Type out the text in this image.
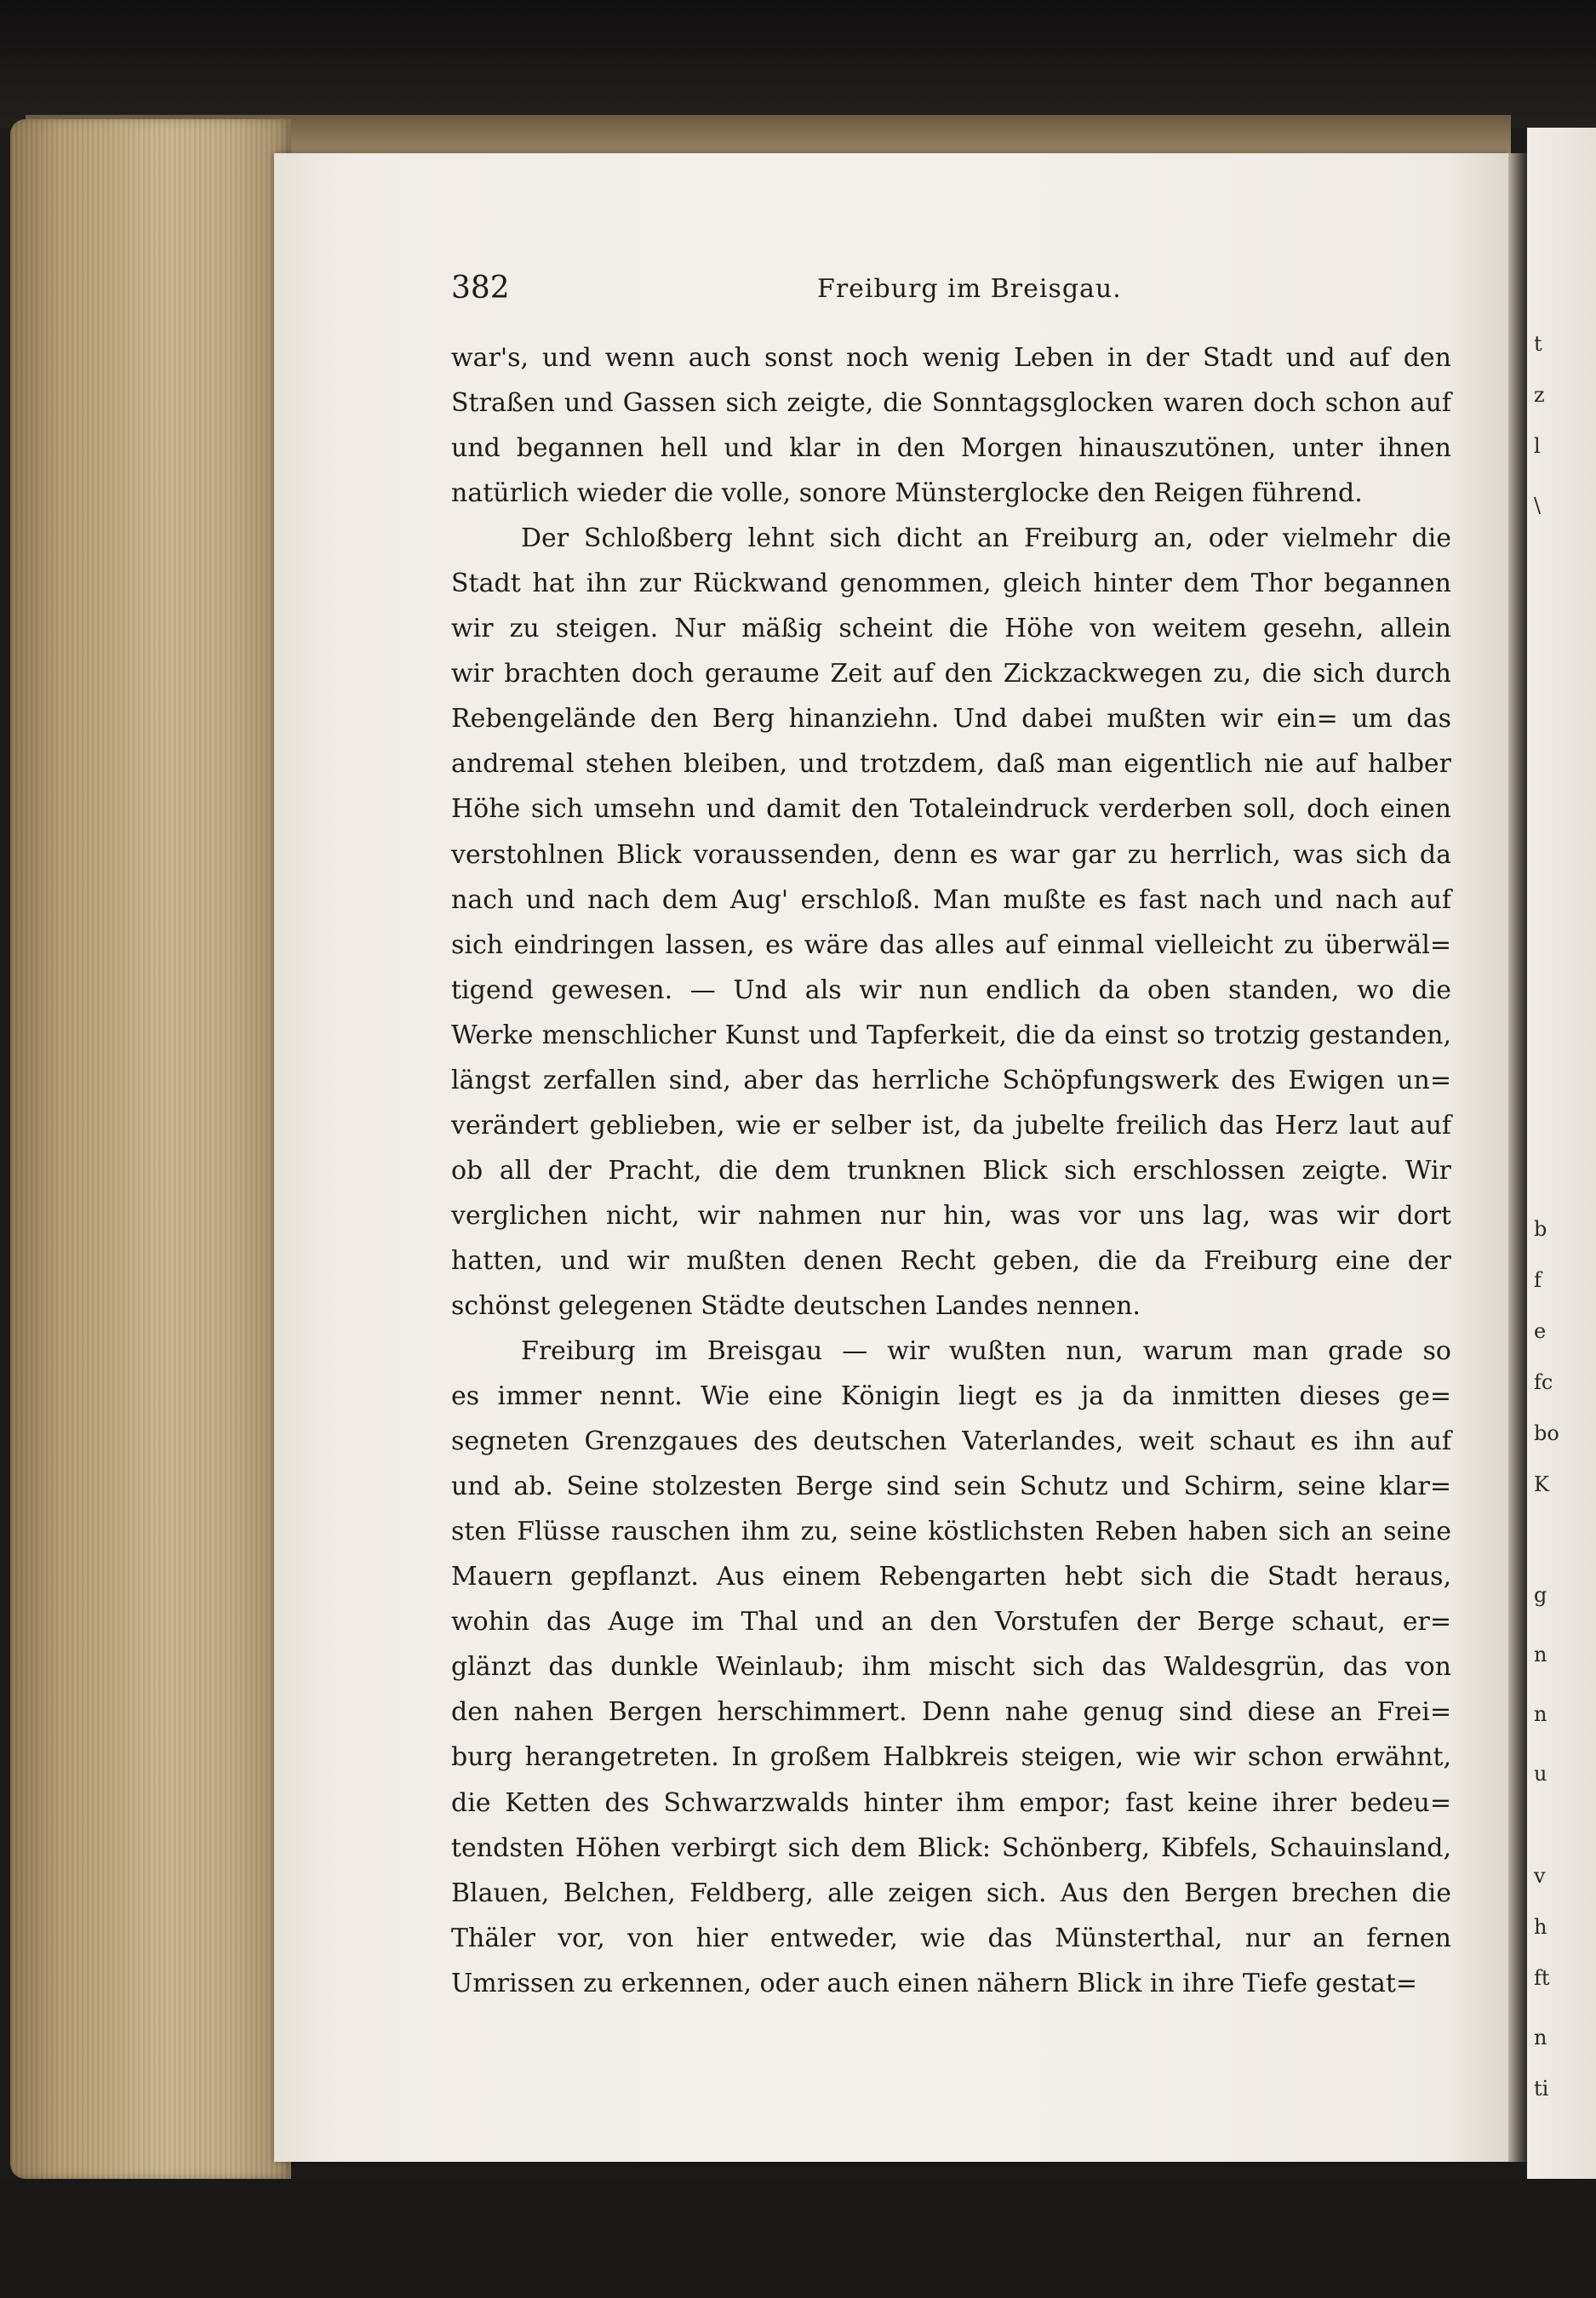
t
z
l
\
b
f
e
fc
bo
K
g
n
n
u
v
h
ft
n
ti
382	Freiburg im Breisgau.
war's, und wenn auch sonst noch wenig Leben in der Stadt und auf den
Straßen und Gassen sich zeigte, die Sonntagsglocken waren doch schon auf
und begannen hell und klar in den Morgen hinauszutönen, unter ihnen
natürlich wieder die volle, sonore Münsterglocke den Reigen führend.
Der Schloßberg lehnt sich dicht an Freiburg an, oder vielmehr die
Stadt hat ihn zur Rückwand genommen, gleich hinter dem Thor begannen
wir zu steigen. Nur mäßig scheint die Höhe von weitem gesehn, allein
wir brachten doch geraume Zeit auf den Zickzackwegen zu, die sich durch
Rebengelände den Berg hinanziehn. Und dabei mußten wir ein= um das
andremal stehen bleiben, und trotzdem, daß man eigentlich nie auf halber
Höhe sich umsehn und damit den Totaleindruck verderben soll, doch einen
verstohlnen Blick voraussenden, denn es war gar zu herrlich, was sich da
nach und nach dem Aug' erschloß. Man mußte es fast nach und nach auf
sich eindringen lassen, es wäre das alles auf einmal vielleicht zu überwäl=
tigend gewesen. — Und als wir nun endlich da oben standen, wo die
Werke menschlicher Kunst und Tapferkeit, die da einst so trotzig gestanden,
längst zerfallen sind, aber das herrliche Schöpfungswerk des Ewigen un=
verändert geblieben, wie er selber ist, da jubelte freilich das Herz laut auf
ob all der Pracht, die dem trunknen Blick sich erschlossen zeigte. Wir
verglichen nicht, wir nahmen nur hin, was vor uns lag, was wir dort
hatten, und wir mußten denen Recht geben, die da Freiburg eine der
schönst gelegenen Städte deutschen Landes nennen.
Freiburg im Breisgau — wir wußten nun, warum man grade so
es immer nennt. Wie eine Königin liegt es ja da inmitten dieses ge=
segneten Grenzgaues des deutschen Vaterlandes, weit schaut es ihn auf
und ab. Seine stolzesten Berge sind sein Schutz und Schirm, seine klar=
sten Flüsse rauschen ihm zu, seine köstlichsten Reben haben sich an seine
Mauern gepflanzt. Aus einem Rebengarten hebt sich die Stadt heraus,
wohin das Auge im Thal und an den Vorstufen der Berge schaut, er=
glänzt das dunkle Weinlaub; ihm mischt sich das Waldesgrün, das von
den nahen Bergen herschimmert. Denn nahe genug sind diese an Frei=
burg herangetreten. In großem Halbkreis steigen, wie wir schon erwähnt,
die Ketten des Schwarzwalds hinter ihm empor; fast keine ihrer bedeu=
tendsten Höhen verbirgt sich dem Blick: Schönberg, Kibfels, Schauinsland,
Blauen, Belchen, Feldberg, alle zeigen sich. Aus den Bergen brechen die
Thäler vor, von hier entweder, wie das Münsterthal, nur an fernen
Umrissen zu erkennen, oder auch einen nähern Blick in ihre Tiefe gestat=
